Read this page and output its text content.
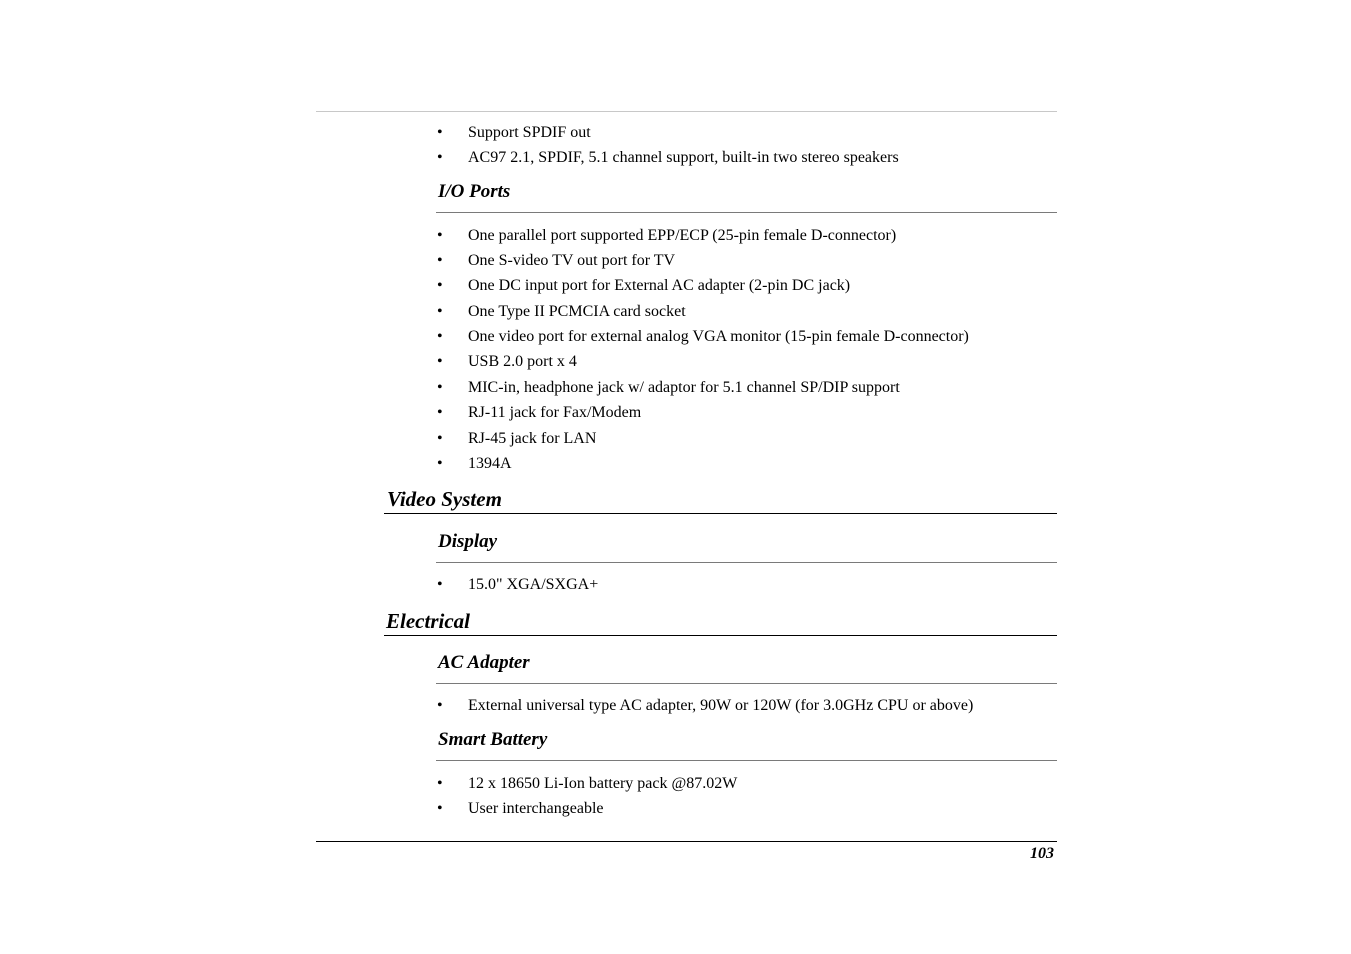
•	Support SPDIF out
•	AC97 2.1, SPDIF, 5.1 channel support, built-in two stereo speakers
I/O Ports
•	One parallel port supported EPP/ECP (25-pin female D-connector)
•	One S-video TV out port for TV
•	One DC input port for External AC adapter (2-pin DC jack)
•	One Type II PCMCIA card socket
•	One video port for external analog VGA monitor (15-pin female D-connector)
•	USB 2.0 port x 4
•	MIC-in, headphone jack w/ adaptor for 5.1 channel SP/DIP support
•	RJ-11 jack for Fax/Modem
•	RJ-45 jack for LAN
•	1394A
Video System
Display
•	15.0" XGA/SXGA+
Electrical
AC Adapter
•	External universal type AC adapter, 90W or 120W (for 3.0GHz CPU or above)
Smart Battery
•	12 x 18650 Li-Ion battery pack @87.02W
•	User interchangeable
103
